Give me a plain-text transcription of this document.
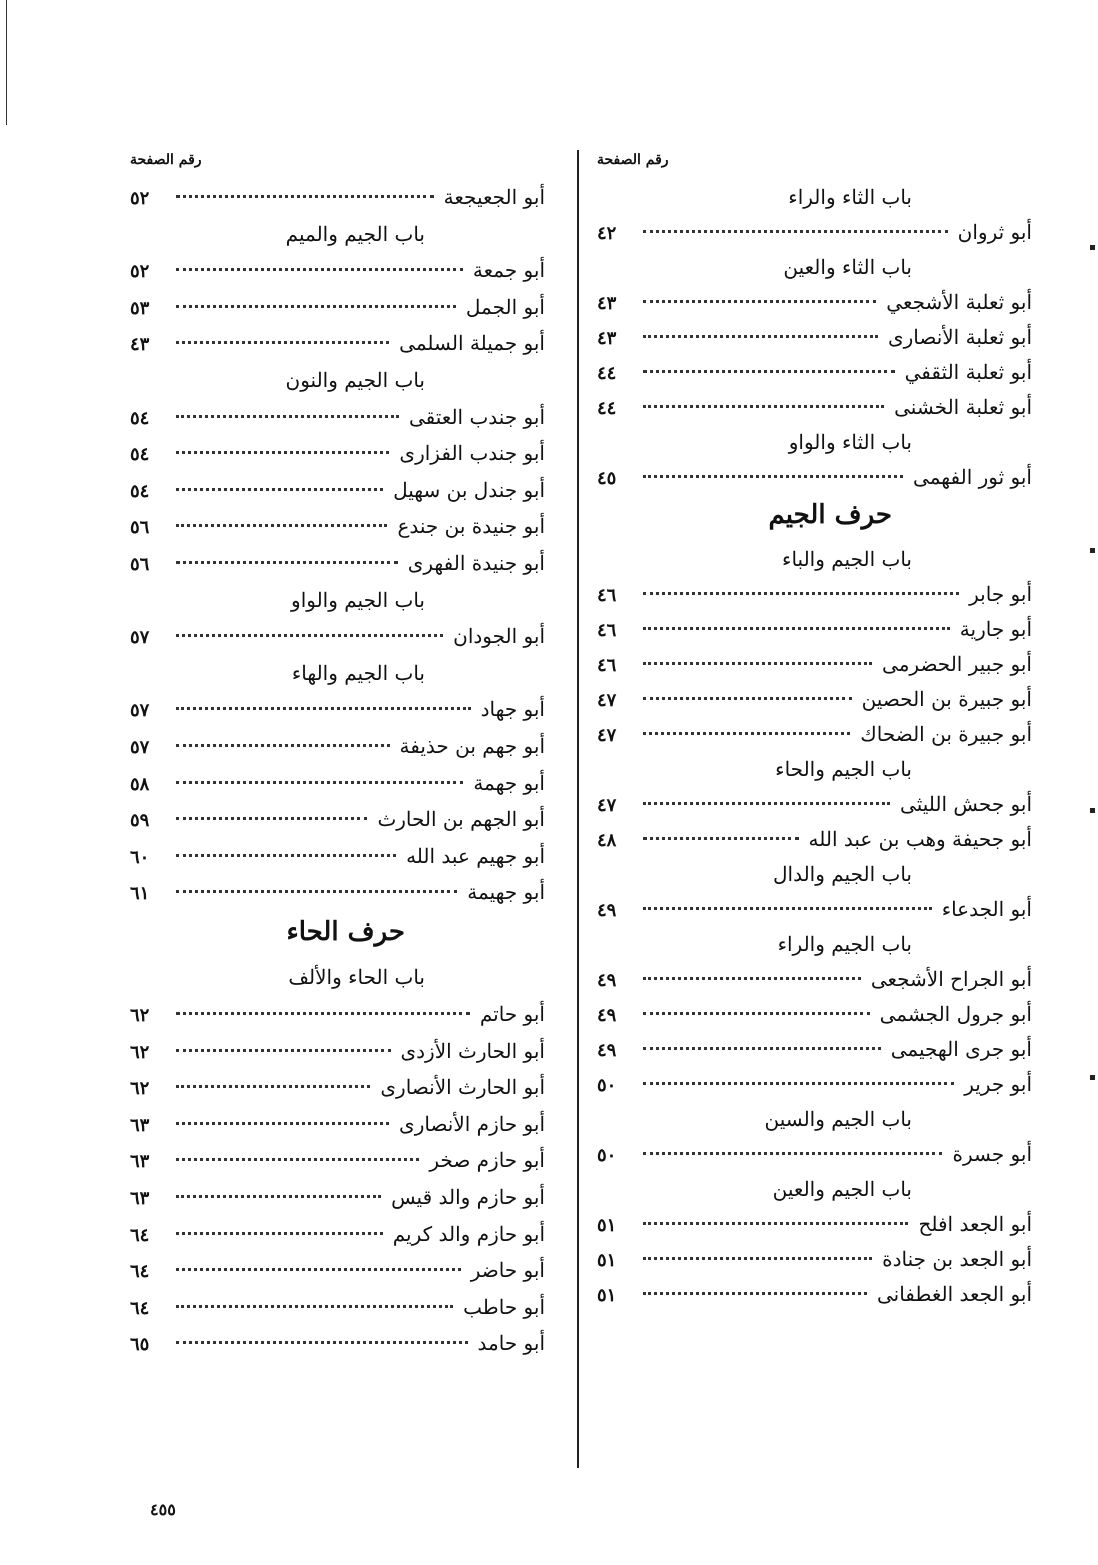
رقم الصفحة
باب الثاء والراء
أبو ثروان
٤٢
باب الثاء والعين
أبو ثعلبة الأشجعي
٤٣
أبو ثعلبة الأنصارى
٤٣
أبو ثعلبة الثقفي
٤٤
أبو ثعلبة الخشنى
٤٤
باب الثاء والواو
أبو ثور الفهمى
٤٥
حرف الجيم
باب الجيم والباء
أبو جابر
٤٦
أبو جارية
٤٦
أبو جبير الحضرمى
٤٦
أبو جبيرة بن الحصين
٤٧
أبو جبيرة بن الضحاك
٤٧
باب الجيم والحاء
أبو جحش الليثى
٤٧
أبو جحيفة وهب بن عبد الله
٤٨
باب الجيم والدال
أبو الجدعاء
٤٩
باب الجيم والراء
أبو الجراح الأشجعى
٤٩
أبو جرول الجشمى
٤٩
أبو جرى الهجيمى
٤٩
أبو جرير
٥٠
باب الجيم والسين
أبو جسرة
٥٠
باب الجيم والعين
أبو الجعد افلح
٥١
أبو الجعد بن جنادة
٥١
أبو الجعد الغطفانى
٥١
رقم الصفحة
أبو الجعيجعة
٥٢
باب الجيم والميم
أبو جمعة
٥٢
أبو الجمل
٥٣
أبو جميلة السلمى
٤٣
باب الجيم والنون
أبو جندب العتقى
٥٤
أبو جندب الفزارى
٥٤
أبو جندل بن سهيل
٥٤
أبو جنيدة بن جندع
٥٦
أبو جنيدة الفهرى
٥٦
باب الجيم والواو
أبو الجودان
٥٧
باب الجيم والهاء
أبو جهاد
٥٧
أبو جهم بن حذيفة
٥٧
أبو جهمة
٥٨
أبو الجهم بن الحارث
٥٩
أبو جهيم عبد الله
٦٠
أبو جهيمة
٦١
حرف الحاء
باب الحاء والألف
أبو حاتم
٦٢
أبو الحارث الأزدى
٦٢
أبو الحارث الأنصارى
٦٢
أبو حازم الأنصارى
٦٣
أبو حازم صخر
٦٣
أبو حازم والد قيس
٦٣
أبو حازم والد كريم
٦٤
أبو حاضر
٦٤
أبو حاطب
٦٤
أبو حامد
٦٥
٤٥٥
